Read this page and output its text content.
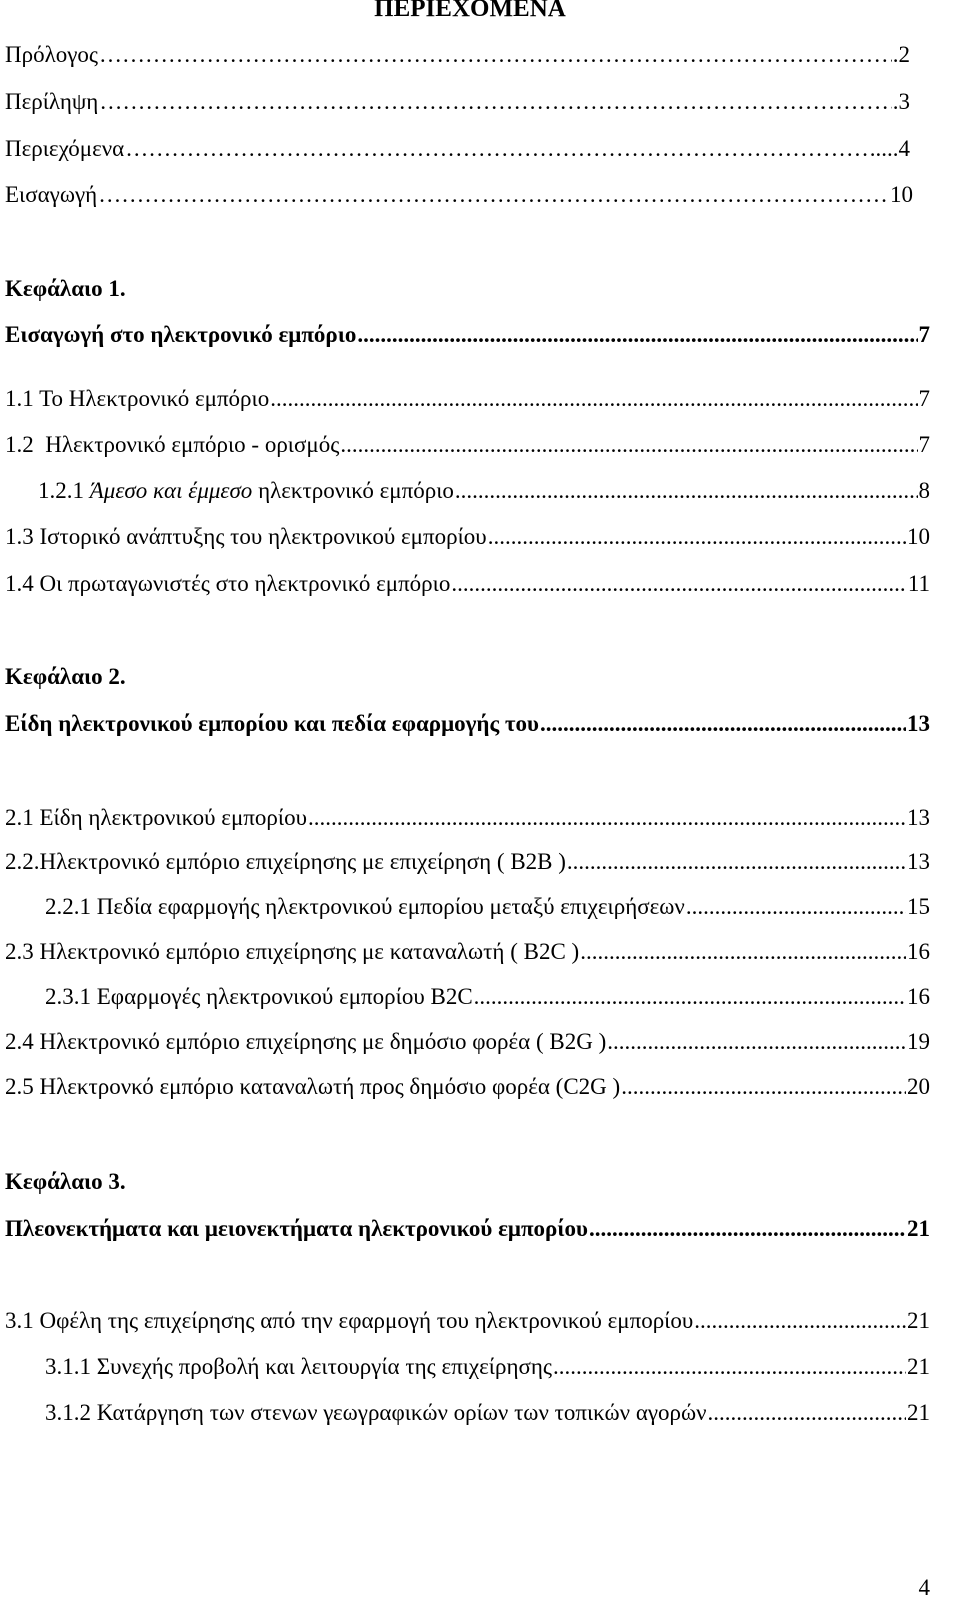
ΠΕΡΙΕΧΟΜΕΝΑ
Πρόλογος ……………………………………………………………………………………………………………………………………………………………………………………………………………………………………………………	.2
Περίληψη ……………………………………………………………………………………………………………………………………………………………………………………………………………………………………………………	.3
Περιεχόμενα ……………………………………………………………………………………………………………………………………………………………………………………………………………………………………………………	.....4
Εισαγωγή ……………………………………………………………………………………………………………………………………………………………………………………………………………………………………………………	10
Κεφάλαιο 1.
Εισαγωγή στο ηλεκτρονικό εμπόριο .....	7
1.1 Το Ηλεκτρονικό εμπόριο .....	7
1.2  Ηλεκτρονικό εμπόριο - ορισμός .....	7
1.2.1 Άμεσο και έμμεσο ηλεκτρονικό εμπόριο .....	8
1.3 Ιστορικό ανάπτυξης του ηλεκτρονικού εμπορίου .....	10
1.4 Οι πρωταγωνιστές στο ηλεκτρονικό εμπόριο .....	11
Κεφάλαιο 2.
Είδη ηλεκτρονικού εμπορίου και πεδία εφαρμογής του .....	13
2.1 Είδη ηλεκτρονικού εμπορίου .....	13
2.2.Ηλεκτρονικό εμπόριο επιχείρησης με επιχείρηση ( B2B ) .....	13
2.2.1 Πεδία εφαρμογής ηλεκτρονικού εμπορίου μεταξύ επιχειρήσεων .....	15
2.3 Ηλεκτρονικό εμπόριο επιχείρησης με καταναλωτή ( B2C ) .....	16
2.3.1 Εφαρμογές ηλεκτρονικού εμπορίου B2C .....	16
2.4 Ηλεκτρονικό εμπόριο επιχείρησης με δημόσιο φορέα ( B2G ) .....	19
2.5 Ηλεκτρονκό εμπόριο καταναλωτή προς δημόσιο φορέα (C2G ) .....	20
Κεφάλαιο 3.
Πλεονεκτήματα και μειονεκτήματα ηλεκτρονικού εμπορίου .....	21
3.1 Οφέλη της επιχείρησης από την εφαρμογή του ηλεκτρονικού εμπορίου .....	21
3.1.1 Συνεχής προβολή και λειτουργία της επιχείρησης .....	21
3.1.2 Κατάργηση των στενων γεωγραφικών ορίων των τοπικών αγορών .....	21
4
